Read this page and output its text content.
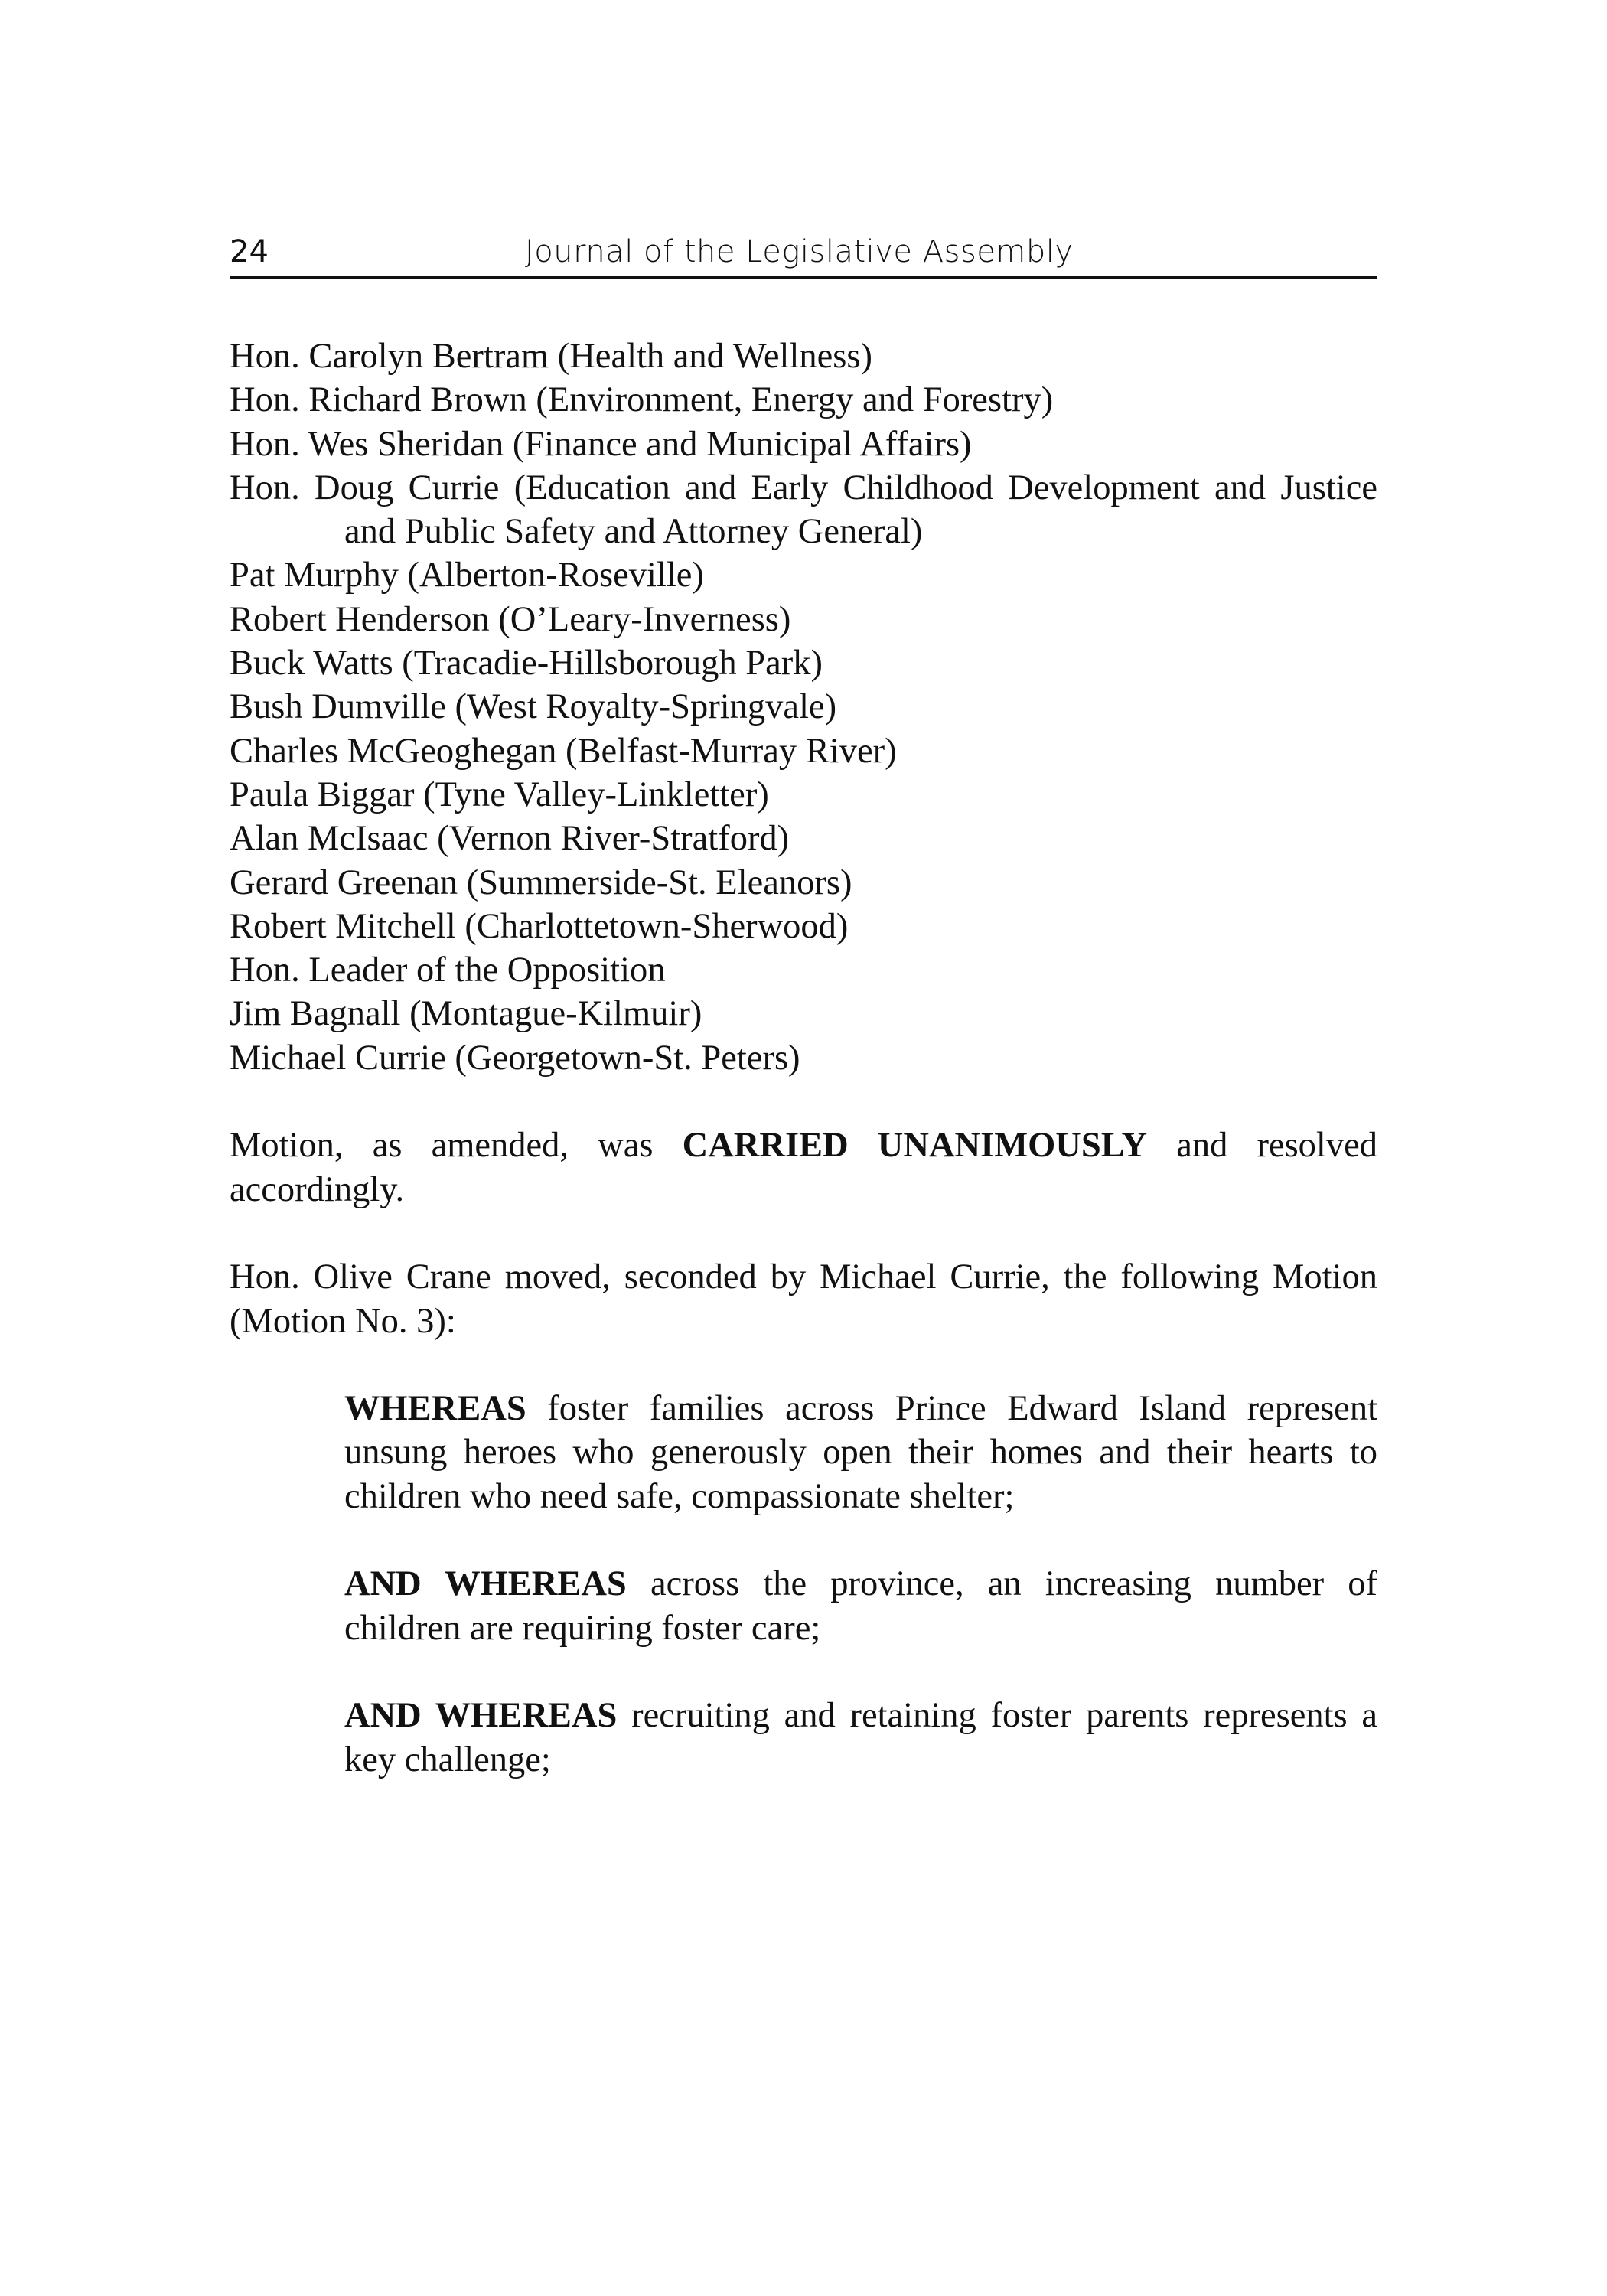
24	Journal of the Legislative Assembly
Hon. Carolyn Bertram (Health and Wellness)
Hon. Richard Brown (Environment, Energy and Forestry)
Hon. Wes Sheridan (Finance and Municipal Affairs)
Hon. Doug Currie (Education and Early Childhood Development and Justice and Public Safety and Attorney General)
Pat Murphy (Alberton-Roseville)
Robert Henderson (O’Leary-Inverness)
Buck Watts (Tracadie-Hillsborough Park)
Bush Dumville (West Royalty-Springvale)
Charles McGeoghegan (Belfast-Murray River)
Paula Biggar (Tyne Valley-Linkletter)
Alan McIsaac (Vernon River-Stratford)
Gerard Greenan (Summerside-St. Eleanors)
Robert Mitchell (Charlottetown-Sherwood)
Hon. Leader of the Opposition
Jim Bagnall (Montague-Kilmuir)
Michael Currie (Georgetown-St. Peters)

Motion, as amended, was CARRIED UNANIMOUSLY and resolved accordingly.

Hon. Olive Crane moved, seconded by Michael Currie, the following Motion (Motion No. 3):

WHEREAS foster families across Prince Edward Island represent unsung heroes who generously open their homes and their hearts to children who need safe, compassionate shelter;

AND WHEREAS across the province, an increasing number of children are requiring foster care;

AND WHEREAS recruiting and retaining foster parents represents a key challenge;
